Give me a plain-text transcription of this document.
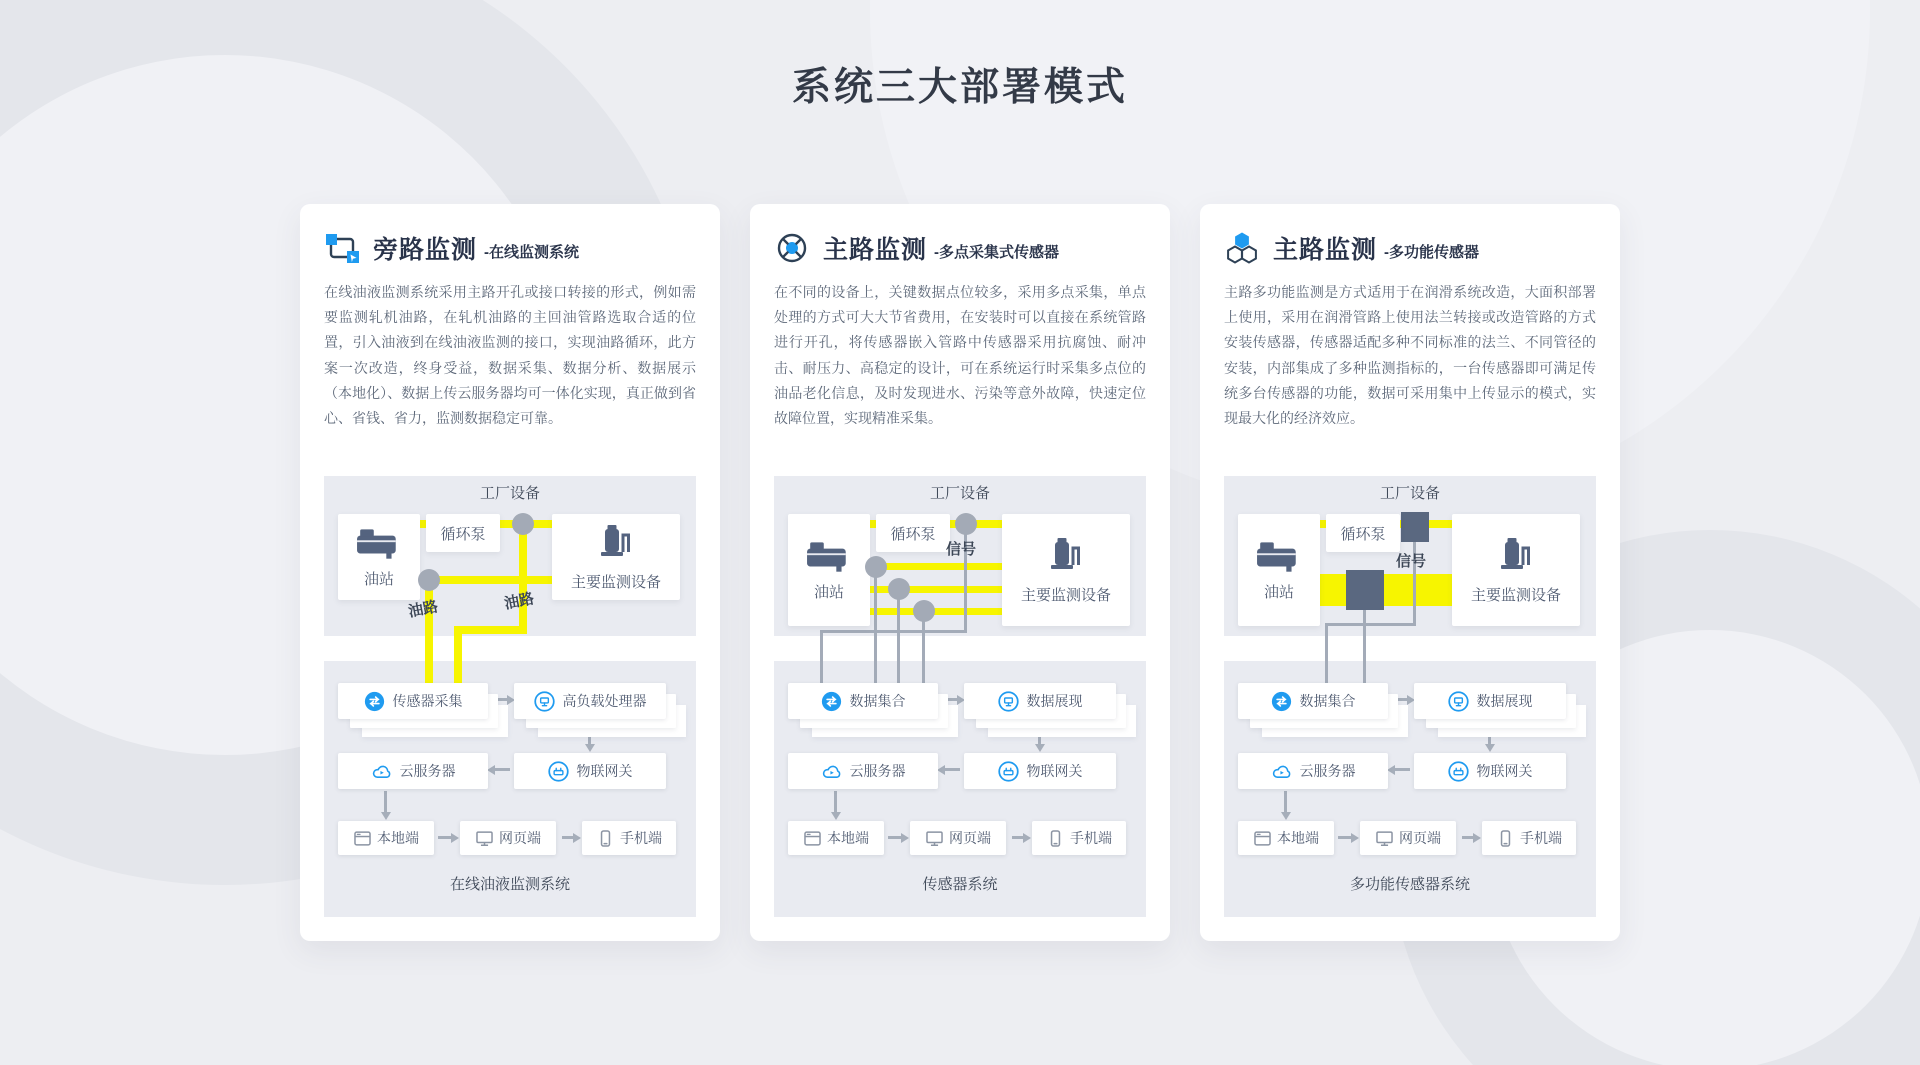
系统三大部署模式
旁路监测 -在线监测系统

在线油液监测系统采用主路开孔或接口转接的形式，例如需要监测轧机油路，在轧机油路的主回油管路选取合适的位置，引入油液到在线油液监测的接口，实现油路循环，此方案一次改造，终身受益，数据采集、数据分析、数据展示（本地化）、数据上传云服务器均可一体化实现，真正做到省心、省钱、省力，监测数据稳定可靠。

工厂设备
油站
循环泵
主要监测设备
油路	油路
传感器采集	高负载处理器
云服务器	物联网关
本地端	网页端	手机端
在线油液监测系统
主路监测 -多点采集式传感器

在不同的设备上，关键数据点位较多，采用多点采集，单点处理的方式可大大节省费用，在安装时可以直接在系统管路进行开孔，将传感器嵌入管路中传感器采用抗腐蚀、耐冲击、耐压力、高稳定的设计，可在系统运行时采集多点位的油品老化信息，及时发现进水、污染等意外故障，快速定位故障位置，实现精准采集。

工厂设备
油站
循环泵
主要监测设备
信号
数据集合	数据展现
云服务器	物联网关
本地端	网页端	手机端
传感器系统
主路监测 -多功能传感器

主路多功能监测是方式适用于在润滑系统改造，大面积部署上使用，采用在润滑管路上使用法兰转接或改造管路的方式安装传感器，传感器适配多种不同标准的法兰、不同管径的安装，内部集成了多种监测指标的，一台传感器即可满足传统多台传感器的功能，数据可采用集中上传显示的模式，实现最大化的经济效应。

工厂设备
油站
循环泵
主要监测设备
信号
数据集合	数据展现
云服务器	物联网关
本地端	网页端	手机端
多功能传感器系统
